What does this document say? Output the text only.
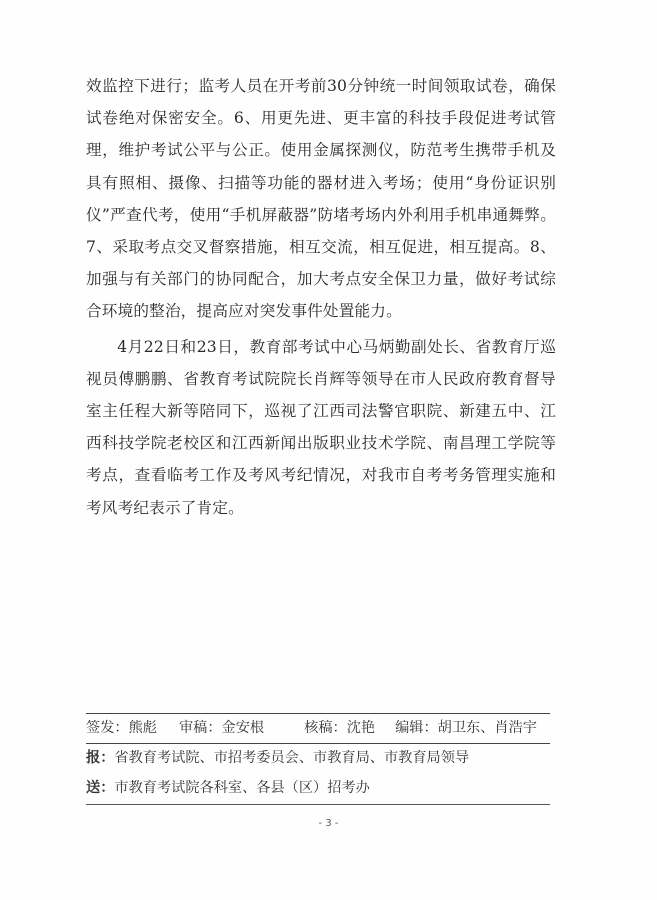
效监控下进行；监考人员在开考前30分钟统一时间领取试卷，确保试卷绝对保密安全。6、用更先进、更丰富的科技手段促进考试管理，维护考试公平与公正。使用金属探测仪，防范考生携带手机及具有照相、摄像、扫描等功能的器材进入考场；使用“身份证识别仪”严查代考，使用“手机屏蔽器”防堵考场内外利用手机串通舞弊。7、采取考点交叉督察措施，相互交流，相互促进，相互提高。8、加强与有关部门的协同配合，加大考点安全保卫力量，做好考试综合环境的整治，提高应对突发事件处置能力。

4月22日和23日，教育部考试中心马炳勤副处长、省教育厅巡视员傅鹏鹏、省教育考试院院长肖辉等领导在市人民政府教育督导室主任程大新等陪同下，巡视了江西司法警官职院、新建五中、江西科技学院老校区和江西新闻出版职业技术学院、南昌理工学院等考点，查看临考工作及考风考纪情况，对我市自考考务管理实施和考风考纪表示了肯定。

签发：熊彪 审稿：金安根	核稿：沈艳 编辑：胡卫东、肖浩宇
报：省教育考试院、市招考委员会、市教育局、市教育局领导
送：市教育考试院各科室、各县（区）招考办
- 3 -
